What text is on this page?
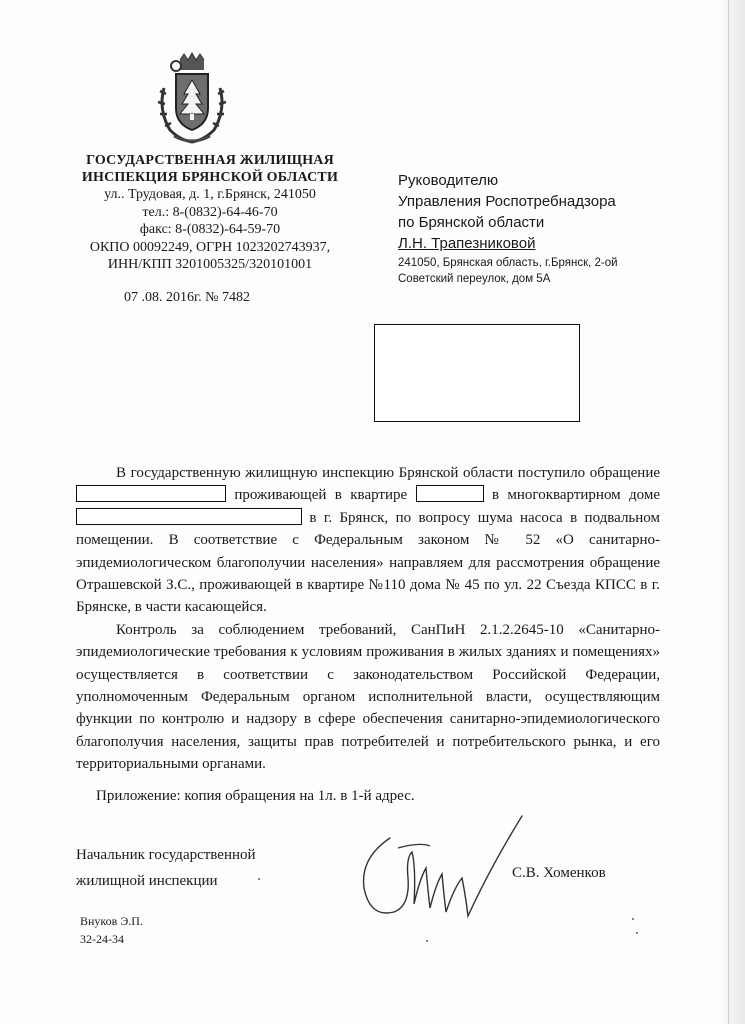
ГОСУДАРСТВЕННАЯ ЖИЛИЩНАЯ
ИНСПЕКЦИЯ БРЯНСКОЙ ОБЛАСТИ
ул.. Трудовая, д. 1, г.Брянск, 241050
тел.: 8-(0832)-64-46-70
факс: 8-(0832)-64-59-70
ОКПО 00092249, ОГРН 1023202743937,
ИНН/КПП 3201005325/320101001
07 .08. 2016г. № 7482
Руководителю
Управления Роспотребнадзора
по Брянской области
Л.Н. Трапезниковой
241050, Брянская область, г.Брянск, 2-ой
Советский переулок, дом 5А

В государственную жилищную инспекцию Брянской области поступило обращение  проживающей в квартире	в многоквартирном доме  в г. Брянск, по вопросу шума насоса в подвальном помещении. В соответствие с Федеральным законом № 52 «О санитарно-эпидемиологическом благополучии населения» направляем для рассмотрения обращение Отрашевской З.С., проживающей в квартире №110 дома № 45 по ул. 22 Съезда КПСС в г. Брянске, в части касающейся.

Контроль за соблюдением требований, СанПиН 2.1.2.2645-10 «Санитарно-эпидемиологические требования к условиям проживания в жилых зданиях и помещениях» осуществляется в соответствии с законодательством Российской Федерации, уполномоченным Федеральным органом исполнительной власти, осуществляющим функции по контролю и надзору в сфере обеспечения санитарно-эпидемиологического благополучия населения, защиты прав потребителей и потребительского рынка, и его территориальными органами.

Приложение: копия обращения на 1л. в 1-й адрес.
Начальник государственной
жилищной инспекции	С.В. Хоменков
Внуков Э.П.
32-24-34
